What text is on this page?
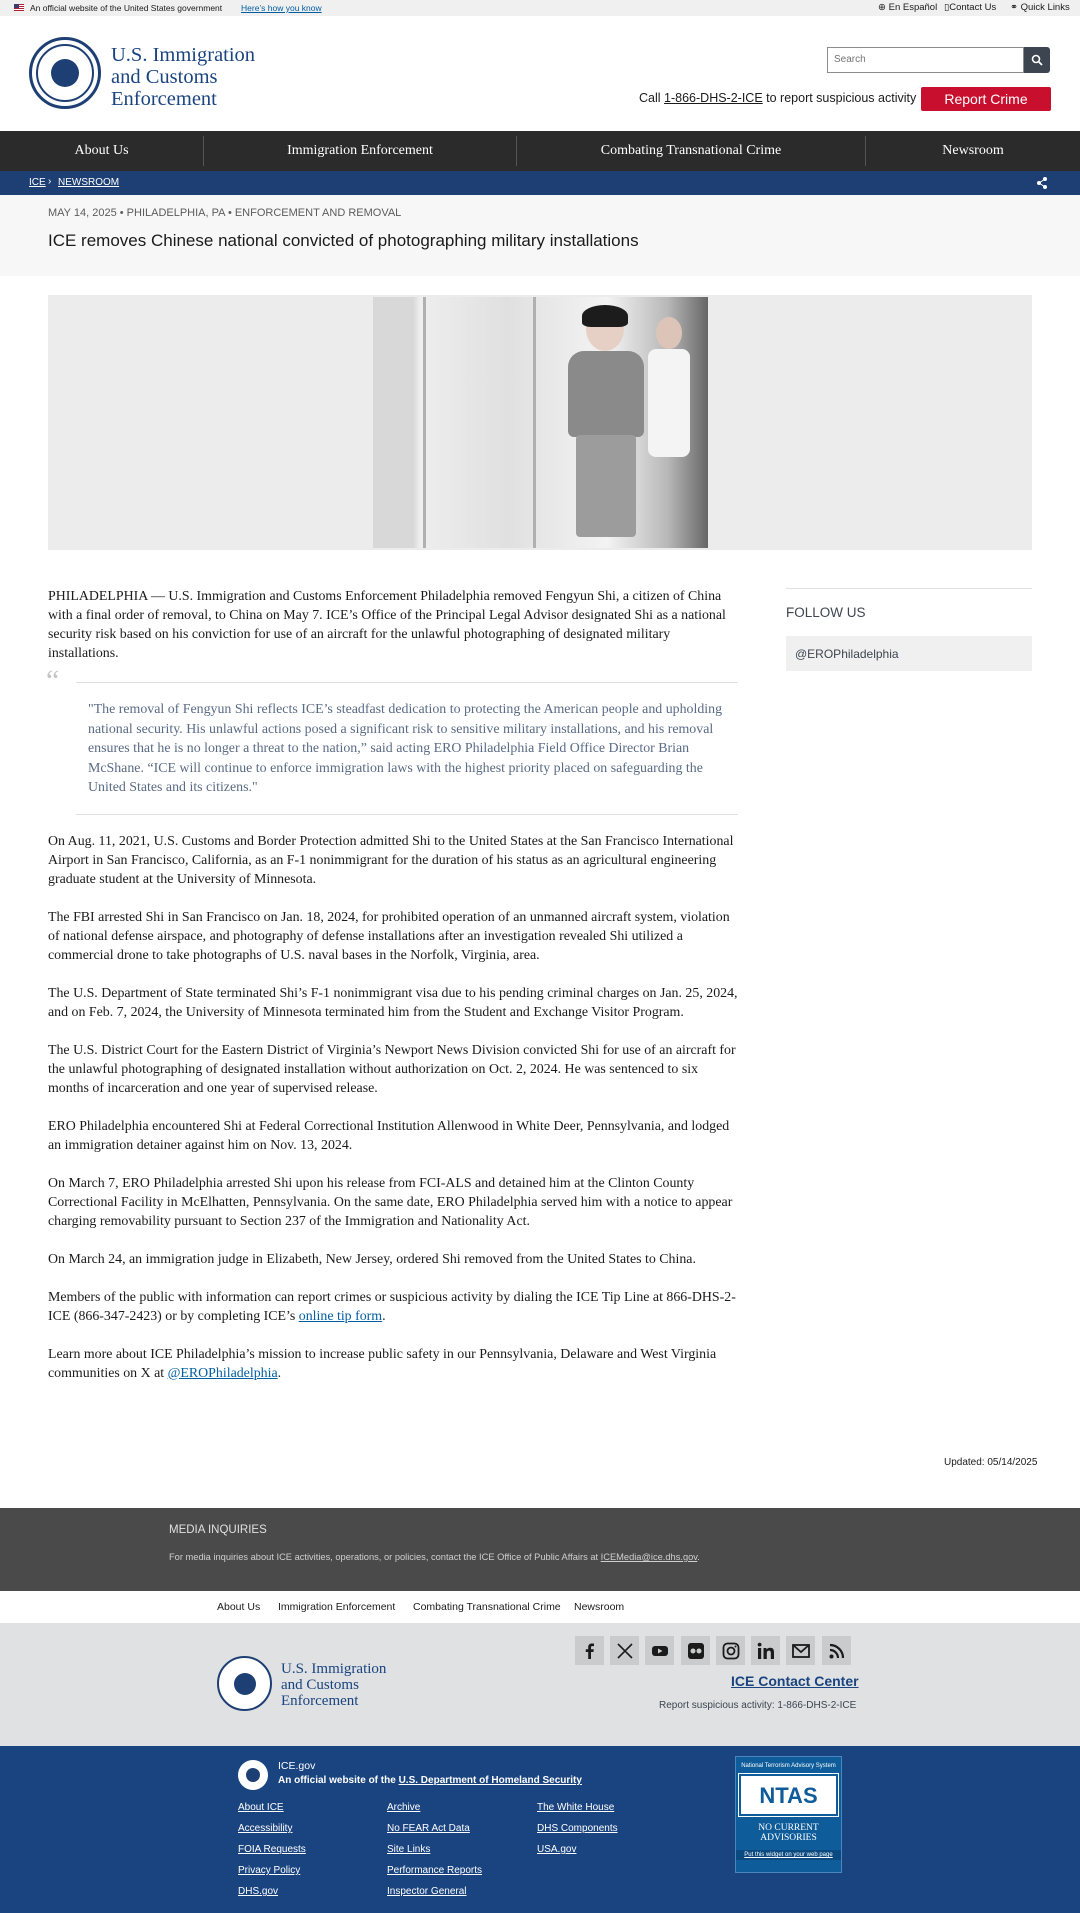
An official website of the United States government Here’s how you know	⊕ En Español ▯Contact Us ⚭ Quick Links
U.S. Immigration
and Customs
Enforcement
Search
Call 1-866-DHS-2-ICE to report suspicious activity	Report Crime
About Us	Immigration Enforcement	Combating Transnational Crime	Newsroom
ICE › NEWSROOM
MAY 14, 2025 • PHILADELPHIA, PA • ENFORCEMENT AND REMOVAL
ICE removes Chinese national convicted of photographing military installations

PHILADELPHIA — U.S. Immigration and Customs Enforcement Philadelphia removed Fengyun Shi, a citizen of China with a final order of removal, to China on May 7. ICE’s Office of the Principal Legal Advisor designated Shi as a national security risk based on his conviction for use of an aircraft for the unlawful photographing of designated military installations.

“
"The removal of Fengyun Shi reflects ICE’s steadfast dedication to protecting the American people and upholding national security. His unlawful actions posed a significant risk to sensitive military installations, and his removal ensures that he is no longer a threat to the nation,” said acting ERO Philadelphia Field Office Director Brian McShane. “ICE will continue to enforce immigration laws with the highest priority placed on safeguarding the United States and its citizens."

On Aug. 11, 2021, U.S. Customs and Border Protection admitted Shi to the United States at the San Francisco International Airport in San Francisco, California, as an F-1 nonimmigrant for the duration of his status as an agricultural engineering graduate student at the University of Minnesota.

The FBI arrested Shi in San Francisco on Jan. 18, 2024, for prohibited operation of an unmanned aircraft system, violation of national defense airspace, and photography of defense installations after an investigation revealed Shi utilized a commercial drone to take photographs of U.S. naval bases in the Norfolk, Virginia, area.

The U.S. Department of State terminated Shi’s F-1 nonimmigrant visa due to his pending criminal charges on Jan. 25, 2024, and on Feb. 7, 2024, the University of Minnesota terminated him from the Student and Exchange Visitor Program.

The U.S. District Court for the Eastern District of Virginia’s Newport News Division convicted Shi for use of an aircraft for the unlawful photographing of designated installation without authorization on Oct. 2, 2024. He was sentenced to six months of incarceration and one year of supervised release.

ERO Philadelphia encountered Shi at Federal Correctional Institution Allenwood in White Deer, Pennsylvania, and lodged an immigration detainer against him on Nov. 13, 2024.

On March 7, ERO Philadelphia arrested Shi upon his release from FCI-ALS and detained him at the Clinton County Correctional Facility in McElhatten, Pennsylvania. On the same date, ERO Philadelphia served him with a notice to appear charging removability pursuant to Section 237 of the Immigration and Nationality Act.

On March 24, an immigration judge in Elizabeth, New Jersey, ordered Shi removed from the United States to China.

Members of the public with information can report crimes or suspicious activity by dialing the ICE Tip Line at 866-DHS-2-ICE (866-347-2423) or by completing ICE’s online tip form.

Learn more about ICE Philadelphia’s mission to increase public safety in our Pennsylvania, Delaware and West Virginia communities on X at @EROPhiladelphia.

FOLLOW US
@EROPhiladelphia
Updated: 05/14/2025
MEDIA INQUIRIES
For media inquiries about ICE activities, operations, or policies, contact the ICE Office of Public Affairs at ICEMedia@ice.dhs.gov.
About Us Immigration Enforcement Combating Transnational Crime Newsroom
U.S. Immigration
and Customs
Enforcement
ICE Contact Center
Report suspicious activity: 1-866-DHS-2-ICE
ICE.gov
An official website of the U.S. Department of Homeland Security
About ICE
Accessibility
FOIA Requests
Privacy Policy
DHS.gov
Archive
No FEAR Act Data
Site Links
Performance Reports
Inspector General
The White House
DHS Components
USA.gov
National Terrorism Advisory System
NTAS
NO CURRENT
ADVISORIES
Put this widget on your web page
